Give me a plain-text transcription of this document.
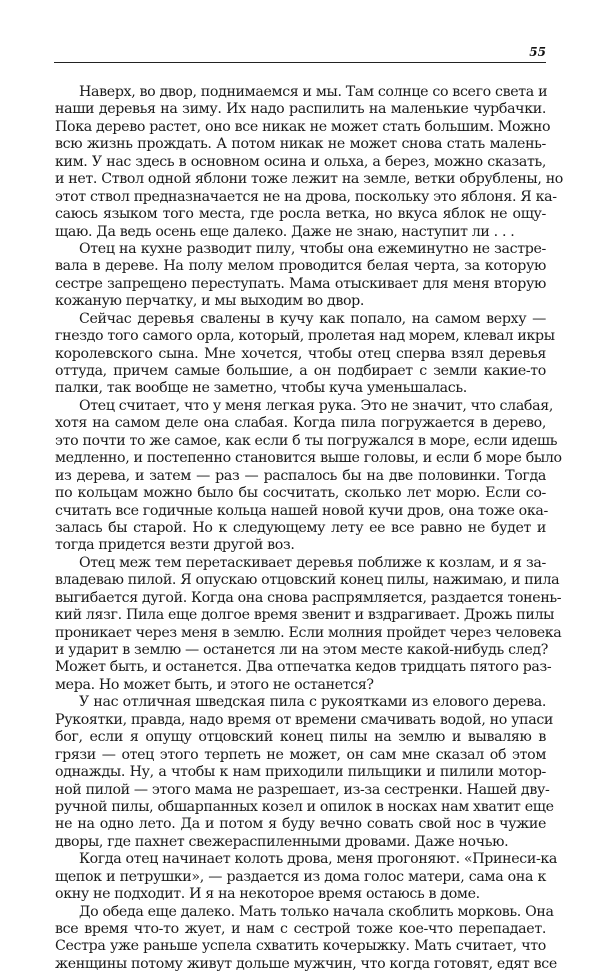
55
Наверх, во двор, поднимаемся и мы. Там солнце со всего света и
наши деревья на зиму. Их надо распилить на маленькие чурбачки.
Пока дерево растет, оно все никак не может стать большим. Можно
всю жизнь прождать. А потом никак не может снова стать малень-
ким. У нас здесь в основном осина и ольха, а берез, можно сказать,
и нет. Ствол одной яблони тоже лежит на земле, ветки обрублены, но
этот ствол предназначается не на дрова, поскольку это яблоня. Я ка-
саюсь языком того места, где росла ветка, но вкуса яблок не ощу-
щаю. Да ведь осень еще далеко. Даже не знаю, наступит ли . . .
Отец на кухне разводит пилу, чтобы она ежеминутно не застре-
вала в дереве. На полу мелом проводится белая черта, за которую
сестре запрещено переступать. Мама отыскивает для меня вторую
кожаную перчатку, и мы выходим во двор.
Сейчас деревья свалены в кучу как попало, на самом верху —
гнездо того самого орла, который, пролетая над морем, клевал икры
королевского сына. Мне хочется, чтобы отец сперва взял деревья
оттуда, причем самые большие, а он подбирает с земли какие-то
палки, так вообще не заметно, чтобы куча уменьшалась.
Отец считает, что у меня легкая рука. Это не значит, что слабая,
хотя на самом деле она слабая. Когда пила погружается в дерево,
это почти то же самое, как если б ты погружался в море, если идешь
медленно, и постепенно становится выше головы, и если б море было
из дерева, и затем — раз — распалось бы на две половинки. Тогда
по кольцам можно было бы сосчитать, сколько лет морю. Если со-
считать все годичные кольца нашей новой кучи дров, она тоже ока-
залась бы старой. Но к следующему лету ее все равно не будет и
тогда придется везти другой воз.
Отец меж тем перетаскивает деревья поближе к козлам, и я за-
владеваю пилой. Я опускаю отцовский конец пилы, нажимаю, и пила
выгибается дугой. Когда она снова распрямляется, раздается тонень-
кий лязг. Пила еще долгое время звенит и вздрагивает. Дрожь пилы
проникает через меня в землю. Если молния пройдет через человека
и ударит в землю — останется ли на этом месте какой-нибудь след?
Может быть, и останется. Два отпечатка кедов тридцать пятого раз-
мера. Но может быть, и этого не останется?
У нас отличная шведская пила с рукоятками из елового дерева.
Рукоятки, правда, надо время от времени смачивать водой, но упаси
бог, если я опущу отцовский конец пилы на землю и вываляю в
грязи — отец этого терпеть не может, он сам мне сказал об этом
однажды. Ну, а чтобы к нам приходили пильщики и пилили мотор-
ной пилой — этого мама не разрешает, из-за сестренки. Нашей дву-
ручной пилы, обшарпанных козел и опилок в носках нам хватит еще
не на одно лето. Да и потом я буду вечно совать свой нос в чужие
дворы, где пахнет свежераспиленными дровами. Даже ночью.
Когда отец начинает колоть дрова, меня прогоняют. «Принеси-ка
щепок и петрушки», — раздается из дома голос матери, сама она к
окну не подходит. И я на некоторое время остаюсь в доме.
До обеда еще далеко. Мать только начала скоблить морковь. Она
все время что-то жует, и нам с сестрой тоже кое-что перепадает.
Сестра уже раньше успела схватить кочерыжку. Мать считает, что
женщины потому живут дольше мужчин, что когда готовят, едят все
